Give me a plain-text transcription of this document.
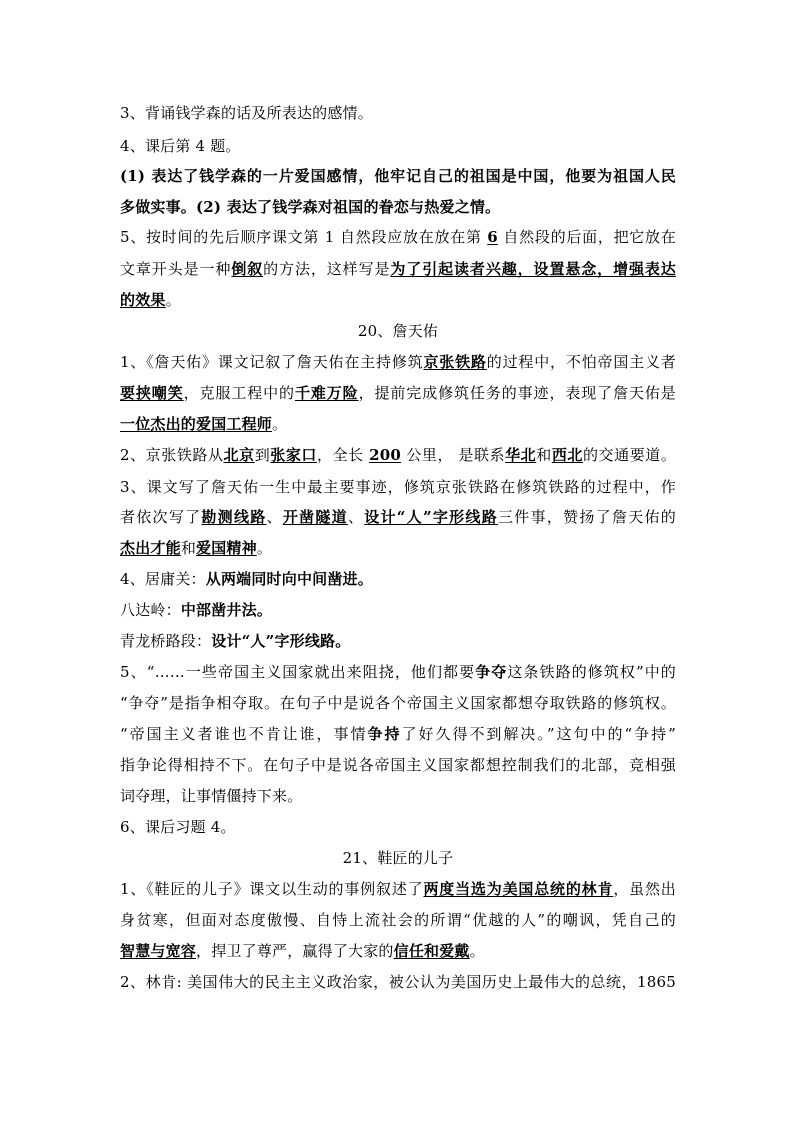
3、背诵钱学森的话及所表达的感情。
4、课后第 4 题。
(1) 表达了钱学森的一片爱国感情，他牢记自己的祖国是中国，他要为祖国人民
多做实事。(2) 表达了钱学森对祖国的眷恋与热爱之情。
5、按时间的先后顺序课文第 1 自然段应放在放在第 6 自然段的后面，把它放在
文章开头是一种倒叙的方法，这样写是为了引起读者兴趣，设置悬念，增强表达
的效果。
20、詹天佑
1、《詹天佑》课文记叙了詹天佑在主持修筑京张铁路的过程中，不怕帝国主义者
要挟嘲笑，克服工程中的千难万险，提前完成修筑任务的事迹，表现了詹天佑是
一位杰出的爱国工程师。
2、京张铁路从北京到张家口，全长 200 公里， 是联系华北和西北的交通要道。
3、课文写了詹天佑一生中最主要事迹，修筑京张铁路在修筑铁路的过程中，作
者依次写了勘测线路、开凿隧道、设计“人”字形线路三件事，赞扬了詹天佑的
杰出才能和爱国精神。
4、居庸关：从两端同时向中间凿进。
八达岭：中部凿井法。
青龙桥路段：设计“人”字形线路。
5、“……一些帝国主义国家就出来阻挠，他们都要争夺这条铁路的修筑权”中的
“争夺”是指争相夺取。在句子中是说各个帝国主义国家都想夺取铁路的修筑权。
“帝国主义者谁也不肯让谁，事情争持了好久得不到解决。”这句中的“争持”
指争论得相持不下。在句子中是说各帝国主义国家都想控制我们的北部，竞相强
词夺理，让事情僵持下来。
6、课后习题 4。
21、鞋匠的儿子
1、《鞋匠的儿子》课文以生动的事例叙述了两度当选为美国总统的林肯，虽然出
身贫寒，但面对态度傲慢、自恃上流社会的所谓“优越的人”的嘲讽，凭自己的
智慧与宽容，捍卫了尊严，赢得了大家的信任和爱戴。
2、林肯: 美国伟大的民主主义政治家，被公认为美国历史上最伟大的总统，1865
